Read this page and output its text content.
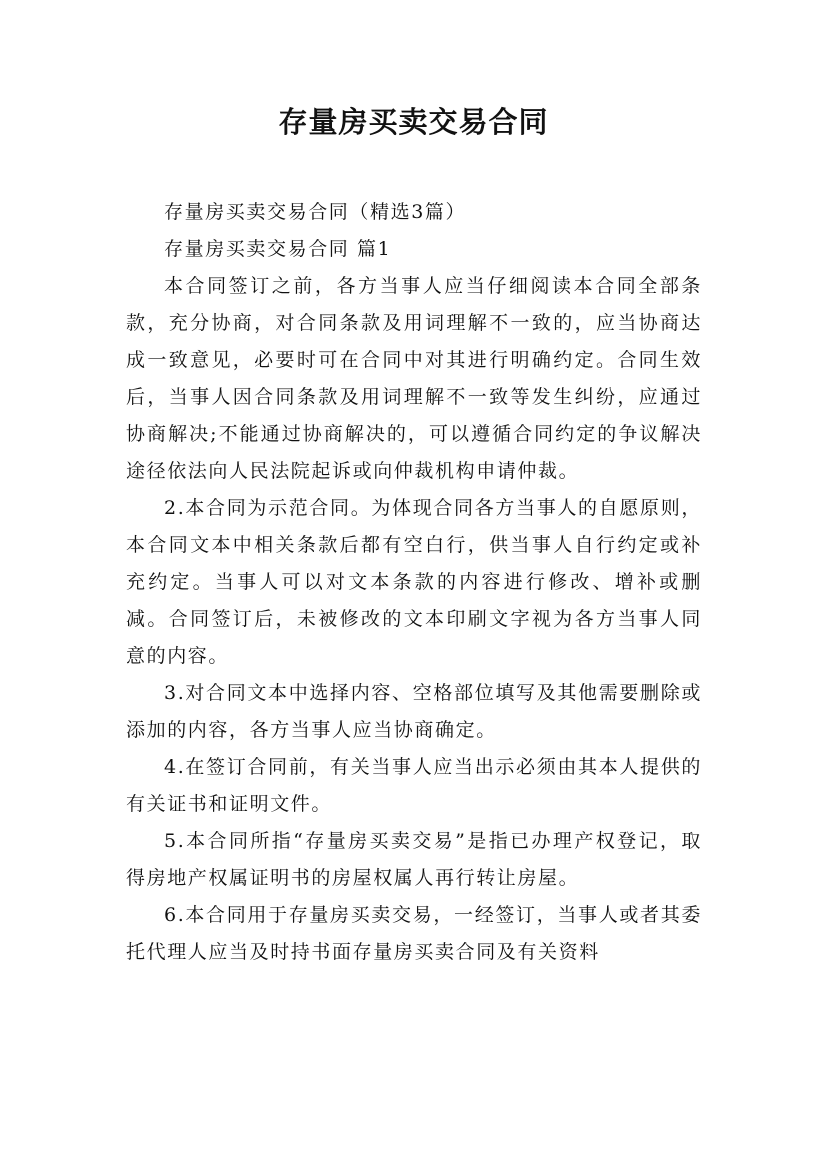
存量房买卖交易合同

存量房买卖交易合同（精选3篇）

存量房买卖交易合同 篇1

本合同签订之前，各方当事人应当仔细阅读本合同全部条款，充分协商，对合同条款及用词理解不一致的，应当协商达成一致意见，必要时可在合同中对其进行明确约定。合同生效后，当事人因合同条款及用词理解不一致等发生纠纷，应通过协商解决;不能通过协商解决的，可以遵循合同约定的争议解决途径依法向人民法院起诉或向仲裁机构申请仲裁。

2.本合同为示范合同。为体现合同各方当事人的自愿原则，本合同文本中相关条款后都有空白行，供当事人自行约定或补充约定。当事人可以对文本条款的内容进行修改、增补或删减。合同签订后，未被修改的文本印刷文字视为各方当事人同意的内容。

3.对合同文本中选择内容、空格部位填写及其他需要删除或添加的内容，各方当事人应当协商确定。

4.在签订合同前，有关当事人应当出示必须由其本人提供的有关证书和证明文件。

5.本合同所指“存量房买卖交易”是指已办理产权登记，取得房地产权属证明书的房屋权属人再行转让房屋。

6.本合同用于存量房买卖交易，一经签订，当事人或者其委托代理人应当及时持书面存量房买卖合同及有关资料
